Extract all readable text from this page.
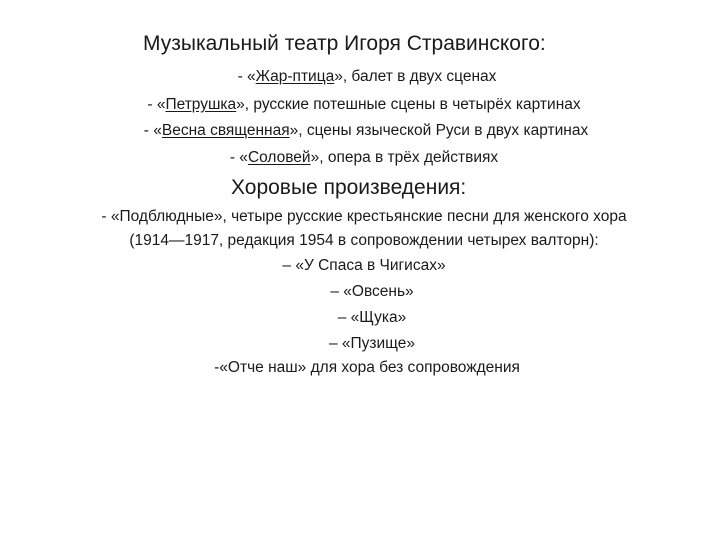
Музыкальный театр Игоря Стравинского:
- «Жар-птица», балет в двух сценах
- «Петрушка», русские потешные сцены в четырёх картинах
- «Весна священная», сцены языческой Руси в двух картинах
- «Соловей», опера в трёх действиях
Хоровые произведения:
- «Подблюдные», четыре русские крестьянские песни для женского хора
(1914—1917, редакция 1954 в сопровождении четырех валторн):
– «У Спаса в Чигисах»
– «Овсень»
– «Щука»
– «Пузище»
-«Отче наш» для хора без сопровождения
